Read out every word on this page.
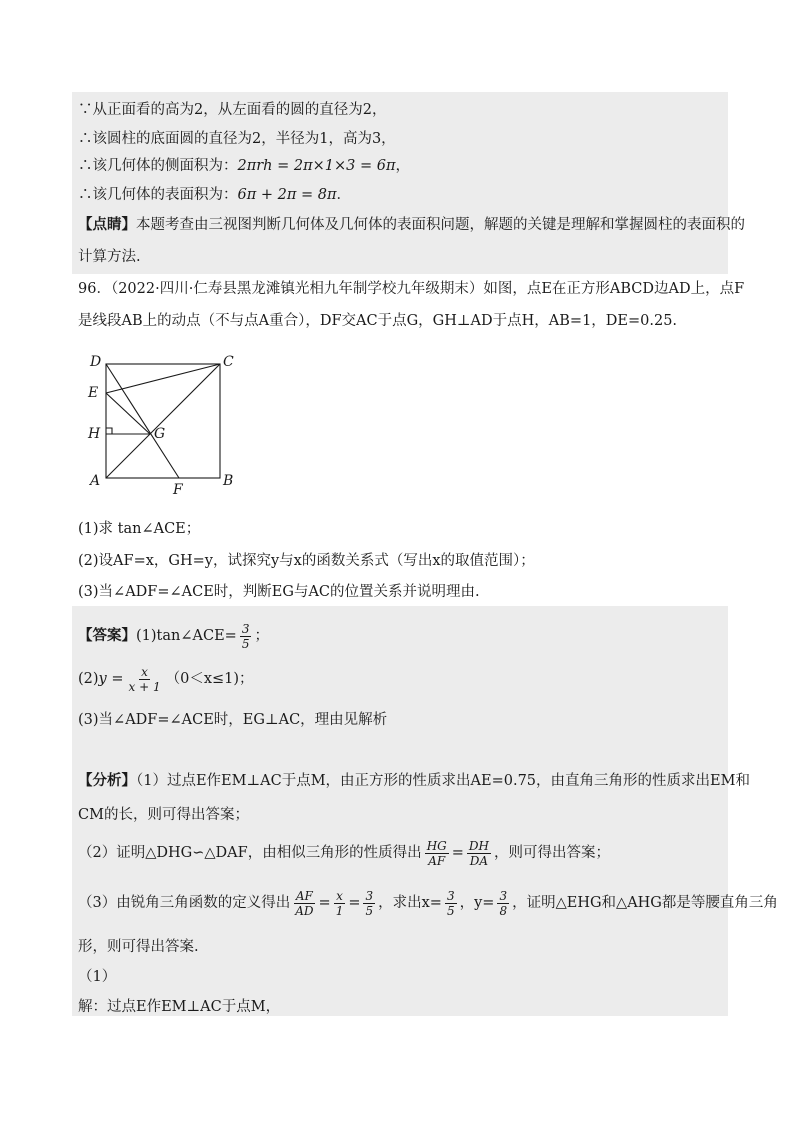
∵从正面看的高为2，从左面看的圆的直径为2，
∴该圆柱的底面圆的直径为2，半径为1，高为3，
∴该几何体的侧面积为：2πrh = 2π×1×3 = 6π，
∴该几何体的表面积为：6π + 2π = 8π．
【点睛】本题考查由三视图判断几何体及几何体的表面积问题，解题的关键是理解和掌握圆柱的表面积的
计算方法.
96．（2022·四川·仁寿县黑龙滩镇光相九年制学校九年级期末）如图，点E在正方形ABCD边AD上，点F
是线段AB上的动点（不与点A重合），DF交AC于点G，GH⊥AD于点H，AB=1，DE=0.25.
D	C
E
H	G
A
F
B
(1)求 tan∠ACE；
(2)设AF=x，GH=y，试探究y与x的函数关系式（写出x的取值范围）；
(3)当∠ADF=∠ACE时，判断EG与AC的位置关系并说明理由.
【答案】(1)tan∠ACE= $\frac{3}{5}$ ；
$(2)y = \frac{x}{x + 1} (0<x\le 1)$；
(3)当∠ADF=∠ACE时，EG⊥AC，理由见解析
【分析】（1）过点E作EM⊥AC于点M，由正方形的性质求出AE=0.75，由直角三角形的性质求出EM和
CM的长，则可得出答案；
（2）证明△DHG∽△DAF，由相似三角形的性质得出 $\frac{HG}{AF} = \frac{DH}{DA}$ ，则可得出答案；
（3）由锐角三角函数的定义得出 $\frac{AF}{AD} = \frac{x}{1} = \frac{3}{5}$ ，求出$x= \frac{3}{5}$ ，$y= \frac{3}{8}$ ，证明△EHG和△AHG都是等腰直角三角
形，则可得出答案.
（1）
解：过点E作EM⊥AC于点M，
